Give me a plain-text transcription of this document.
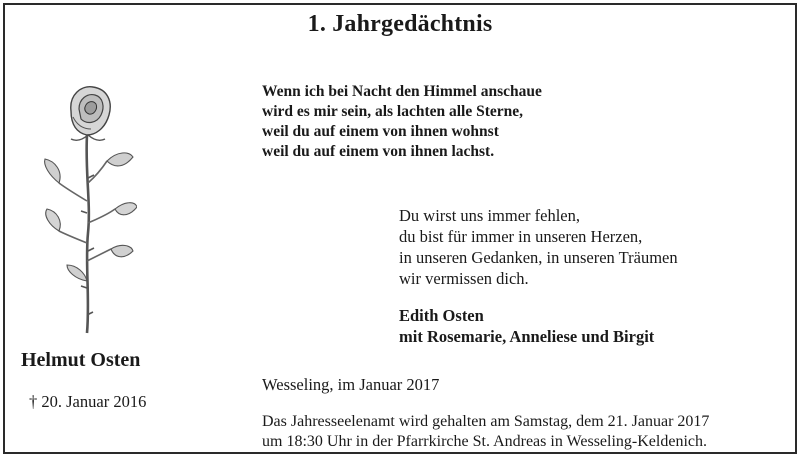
1. Jahrgedächtnis
Wenn ich bei Nacht den Himmel anschaue
wird es mir sein, als lachten alle Sterne,
weil du auf einem von ihnen wohnst
weil du auf einem von ihnen lachst.
Du wirst uns immer fehlen,
du bist für immer in unseren Herzen,
in unseren Gedanken, in unseren Träumen
wir vermissen dich.
Edith Osten
mit Rosemarie, Anneliese und Birgit
Helmut Osten
† 20. Januar 2016
Wesseling, im Januar 2017
Das Jahresseelenamt wird gehalten am Samstag, dem 21. Januar 2017
um 18:30 Uhr in der Pfarrkirche St. Andreas in Wesseling-Keldenich.
